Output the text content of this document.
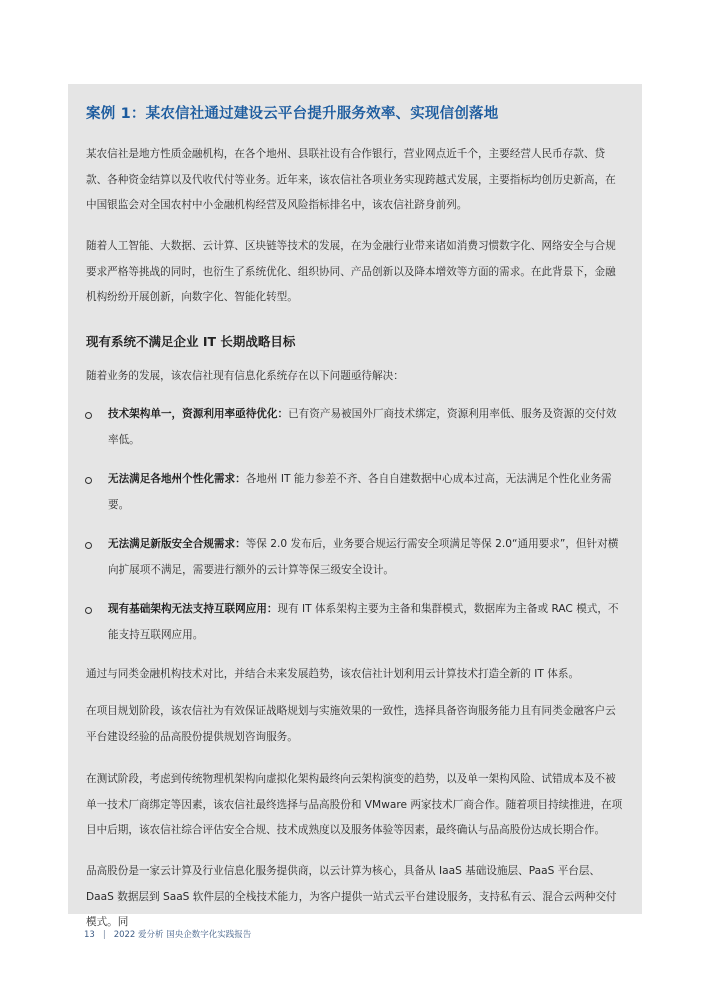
案例 1：某农信社通过建设云平台提升服务效率、实现信创落地

某农信社是地方性质金融机构，在各个地州、县联社设有合作银行，营业网点近千个，主要经营人民币存款、贷款、各种资金结算以及代收代付等业务。近年来，该农信社各项业务实现跨越式发展，主要指标均创历史新高，在中国银监会对全国农村中小金融机构经营及风险指标排名中，该农信社跻身前列。

随着人工智能、大数据、云计算、区块链等技术的发展，在为金融行业带来诸如消费习惯数字化、网络安全与合规要求严格等挑战的同时，也衍生了系统优化、组织协同、产品创新以及降本增效等方面的需求。在此背景下，金融机构纷纷开展创新，向数字化、智能化转型。

现有系统不满足企业 IT 长期战略目标

随着业务的发展，该农信社现有信息化系统存在以下问题亟待解决：

技术架构单一，资源利用率亟待优化：已有资产易被国外厂商技术绑定，资源利用率低、服务及资源的交付效率低。
无法满足各地州个性化需求：各地州 IT 能力参差不齐、各自自建数据中心成本过高，无法满足个性化业务需要。
无法满足新版安全合规需求：等保 2.0 发布后，业务要合规运行需安全项满足等保 2.0“通用要求”，但针对横向扩展项不满足，需要进行额外的云计算等保三级安全设计。
现有基础架构无法支持互联网应用：现有 IT 体系架构主要为主备和集群模式，数据库为主备或 RAC 模式，不能支持互联网应用。

通过与同类金融机构技术对比，并结合未来发展趋势，该农信社计划利用云计算技术打造全新的 IT 体系。

在项目规划阶段，该农信社为有效保证战略规划与实施效果的一致性，选择具备咨询服务能力且有同类金融客户云平台建设经验的品高股份提供规划咨询服务。

在测试阶段，考虑到传统物理机架构向虚拟化架构最终向云架构演变的趋势，以及单一架构风险、试错成本及不被单一技术厂商绑定等因素，该农信社最终选择与品高股份和 VMware 两家技术厂商合作。随着项目持续推进，在项目中后期，该农信社综合评估安全合规、技术成熟度以及服务体验等因素，最终确认与品高股份达成长期合作。

品高股份是一家云计算及行业信息化服务提供商，以云计算为核心，具备从 IaaS 基础设施层、PaaS 平台层、DaaS 数据层到 SaaS 软件层的全栈技术能力，为客户提供一站式云平台建设服务，支持私有云、混合云两种交付模式。同

13 | 2022 爱分析 国央企数字化实践报告
